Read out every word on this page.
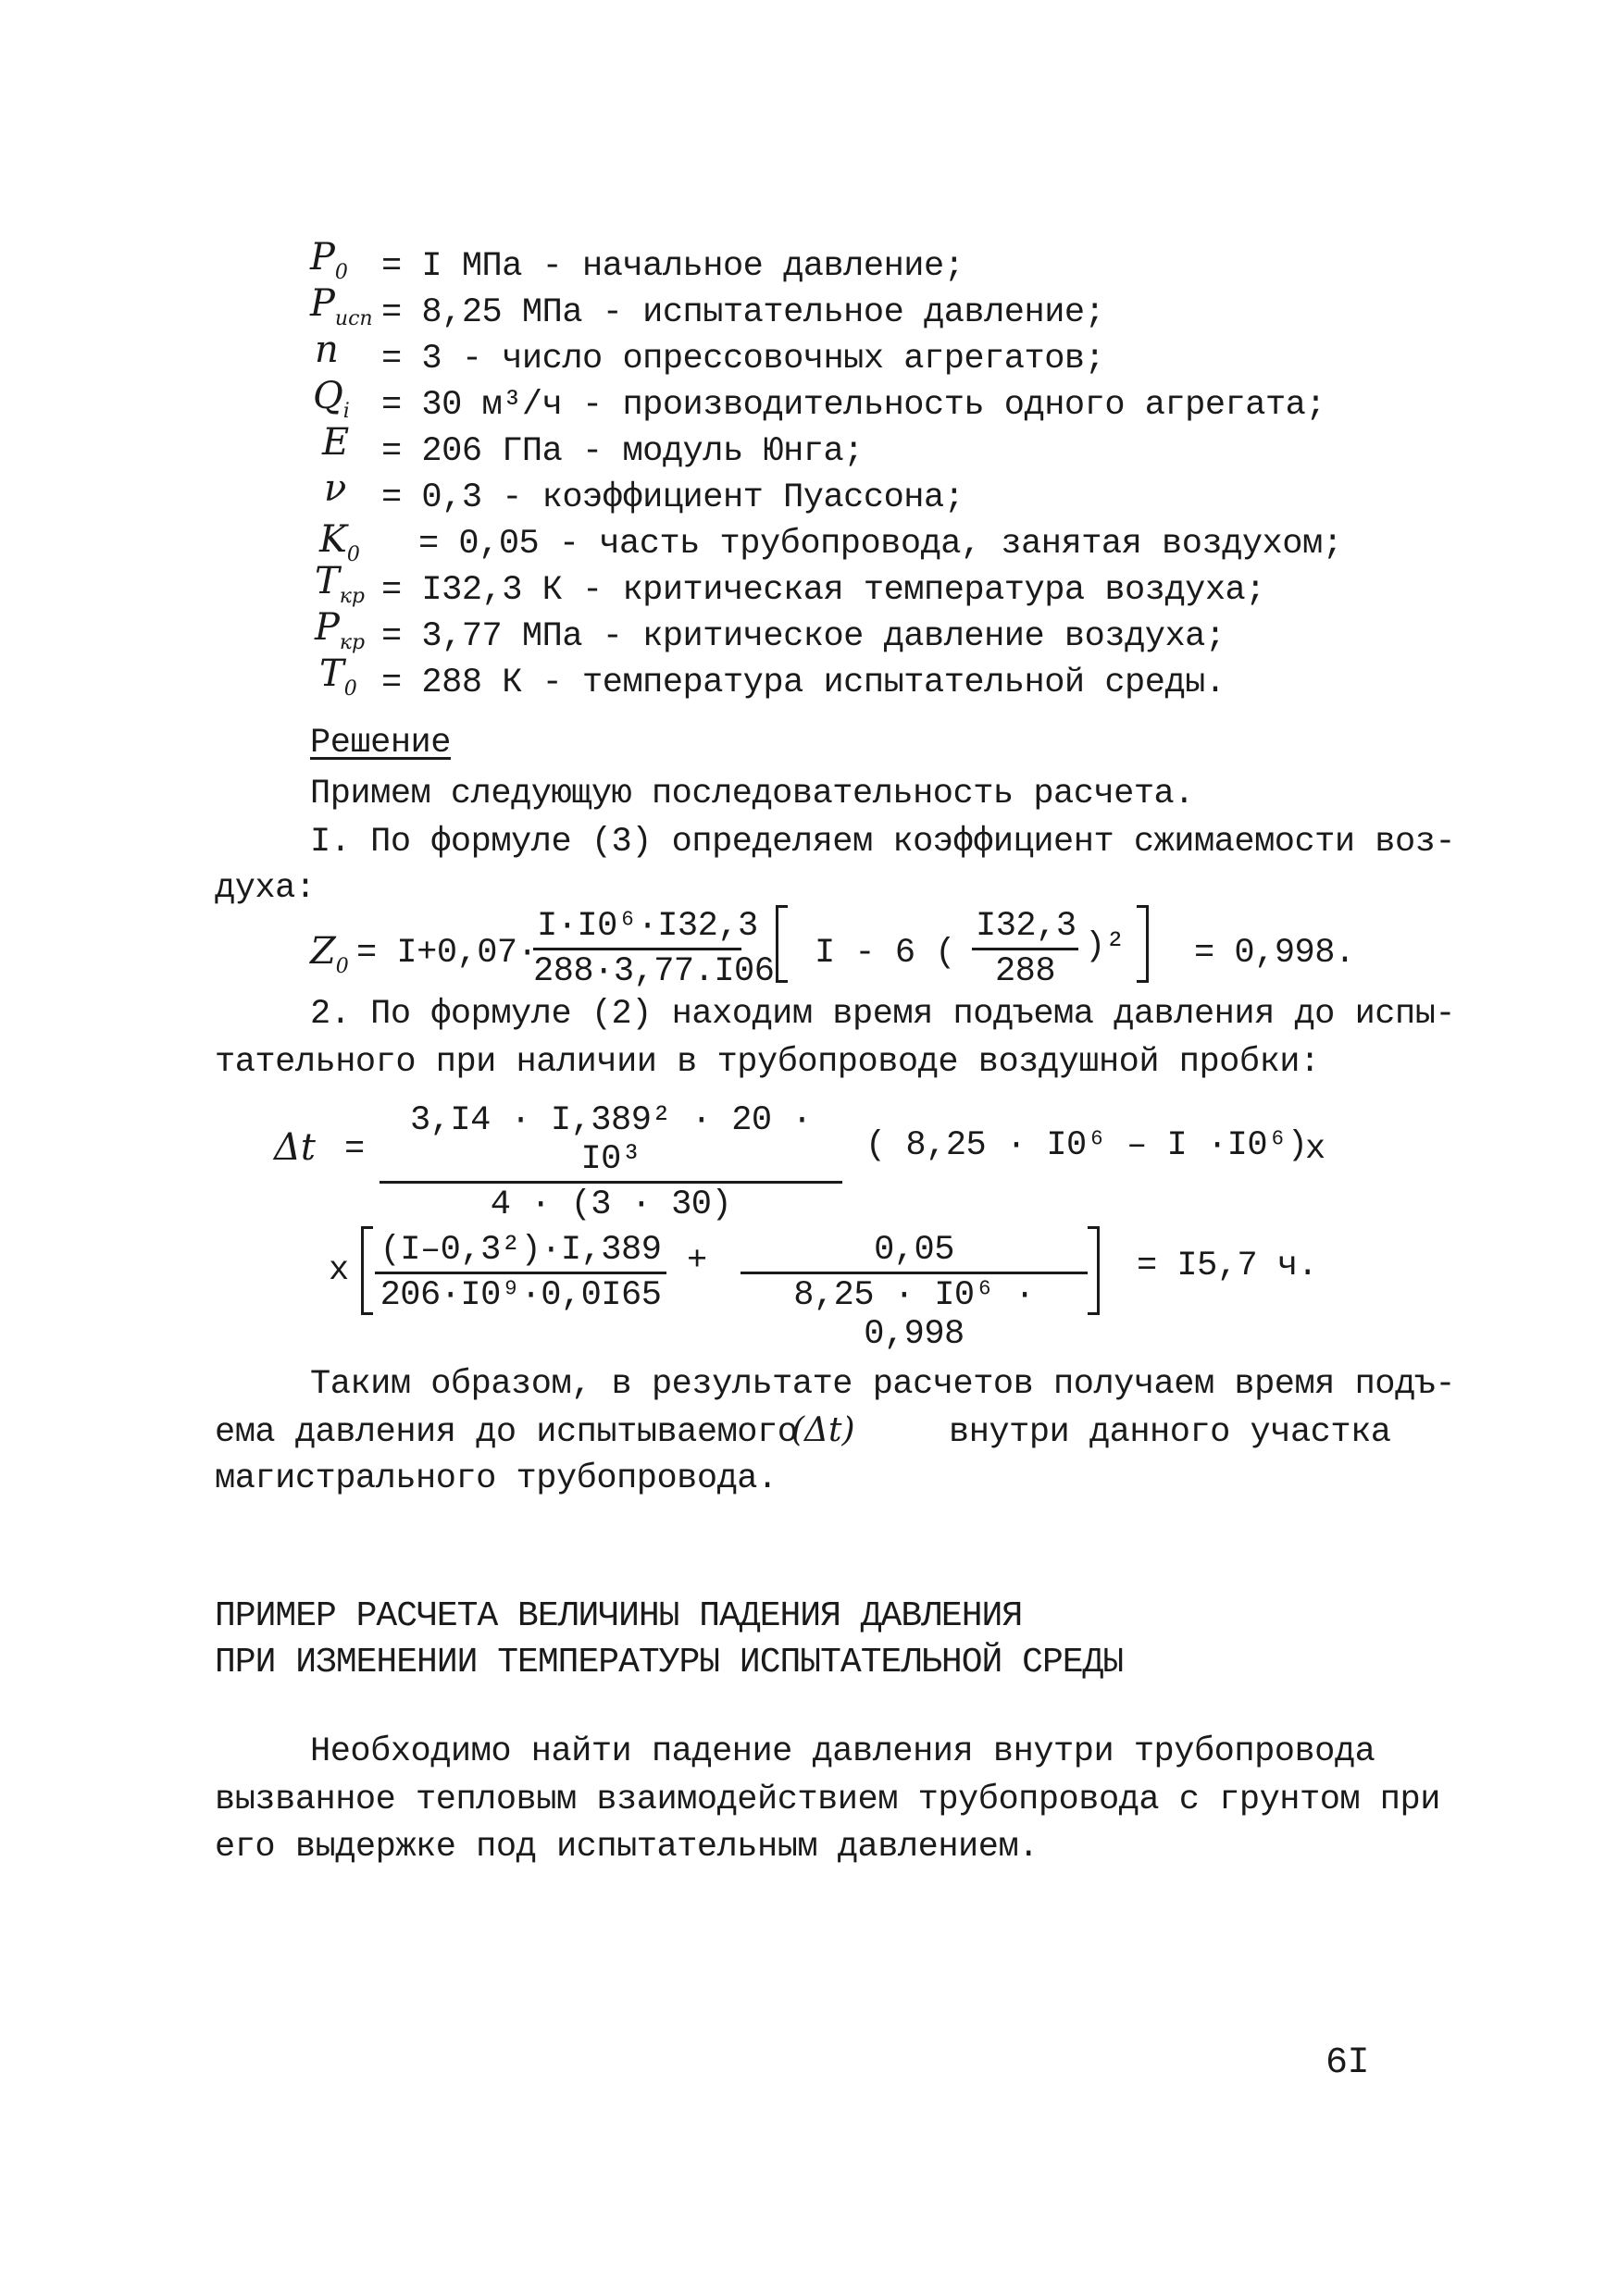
$P_0 = I$ МПа - начальное давление;
$P_{исп} = 8,25$ МПа - испытательное давление;
n = 3 - число опрессовочных агрегатов;
$Q_i = 30$ м³/ч - производительность одного агрегата;
E = 206 ГПа - модуль Юнга;
ν = 0,3 - коэффициент Пуассона;
$K_0 = 0,05$ - часть трубопровода, занятая воздухом;
$T_{кр} = I32,3$ К - критическая температура воздуха;
$P_{кр} = 3,77$ МПа - критическое давление воздуха;
$T_0 = 288$ К - температура испытательной среды.
Решение
Примем следующую последовательность расчета.
I. По формуле (3) определяем коэффициент сжимаемости воз-
духа:
$Z_0 = I+0,07\cdot$
$\frac{\text{I·I0⁶·I32,3}}{288\cdot 3,77.I06}$ I - 6 ( $\frac{I32,3}{288} )^2 = 0,998$.
2. По формуле (2) находим время подъема давления до испы-
тательного при наличии в трубопроводе воздушной пробки:
$\Delta t = \frac{\text{3,I4 · I,389² · 20 · I0³}}{4 \cdot (3 \cdot 30)}$ ( 8,25 · I0⁶ – I ·I0⁶)
x
x $\frac{\text{(I–0,3²)·I,389}}{\text{206·I0⁹·0,0I65}} + \frac{0,05}{\text{8,25 · I0⁶ · 0,998}} = I5,7$ ч.
Таким образом, в результате расчетов получаем время подъ-
ема давления до испытываемого
(Δt)	внутри данного участка
магистрального трубопровода.
ПРИМЕР РАСЧЕТА ВЕЛИЧИНЫ ПАДЕНИЯ ДАВЛЕНИЯ
ПРИ ИЗМЕНЕНИИ ТЕМПЕРАТУРЫ ИСПЫТАТЕЛЬНОЙ СРЕДЫ
Необходимо найти падение давления внутри трубопровода
вызванное тепловым взаимодействием трубопровода с грунтом при
его выдержке под испытательным давлением.
6I
